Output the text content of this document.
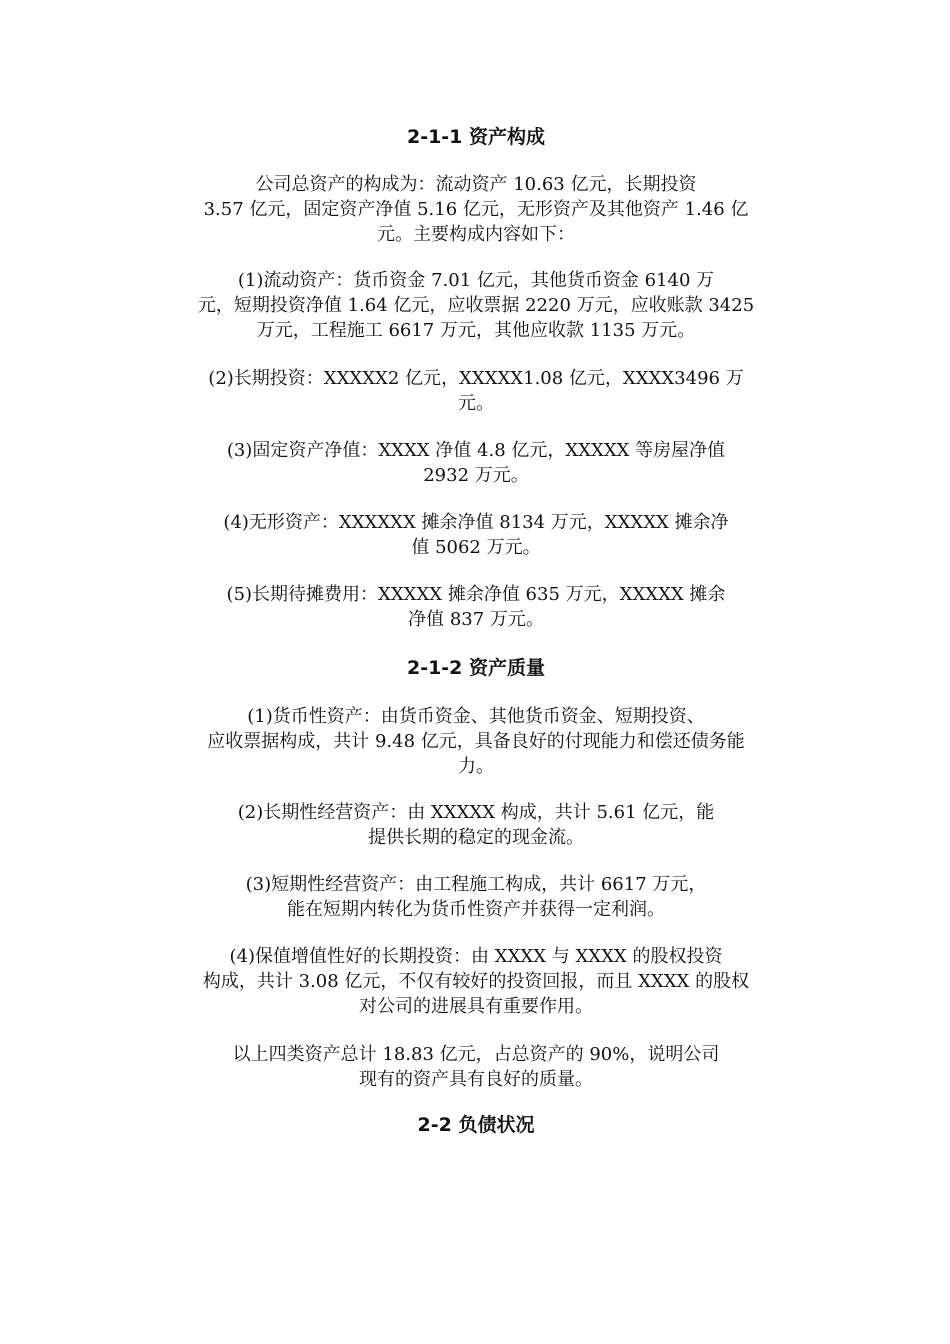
2-1-1 资产构成
公司总资产的构成为：流动资产 10.63 亿元，长期投资
3.57 亿元，固定资产净值 5.16 亿元，无形资产及其他资产 1.46 亿
元。主要构成内容如下：
(1)流动资产：货币资金 7.01 亿元，其他货币资金 6140 万
元，短期投资净值 1.64 亿元，应收票据 2220 万元，应收账款 3425
万元，工程施工 6617 万元，其他应收款 1135 万元。
(2)长期投资：XXXXX2 亿元，XXXXX1.08 亿元，XXXX3496 万
元。
(3)固定资产净值：XXXX 净值 4.8 亿元，XXXXX 等房屋净值
2932 万元。
(4)无形资产：XXXXXX 摊余净值 8134 万元，XXXXX 摊余净
值 5062 万元。
(5)长期待摊费用：XXXXX 摊余净值 635 万元，XXXXX 摊余
净值 837 万元。
2-1-2 资产质量
(1)货币性资产：由货币资金、其他货币资金、短期投资、
应收票据构成，共计 9.48 亿元，具备良好的付现能力和偿还债务能
力。
(2)长期性经营资产：由 XXXXX 构成，共计 5.61 亿元，能
提供长期的稳定的现金流。
(3)短期性经营资产：由工程施工构成，共计 6617 万元，
能在短期内转化为货币性资产并获得一定利润。
(4)保值增值性好的长期投资：由 XXXX 与 XXXX 的股权投资
构成，共计 3.08 亿元，不仅有较好的投资回报，而且 XXXX 的股权
对公司的进展具有重要作用。
以上四类资产总计 18.83 亿元，占总资产的 90%，说明公司
现有的资产具有良好的质量。
2-2 负债状况
